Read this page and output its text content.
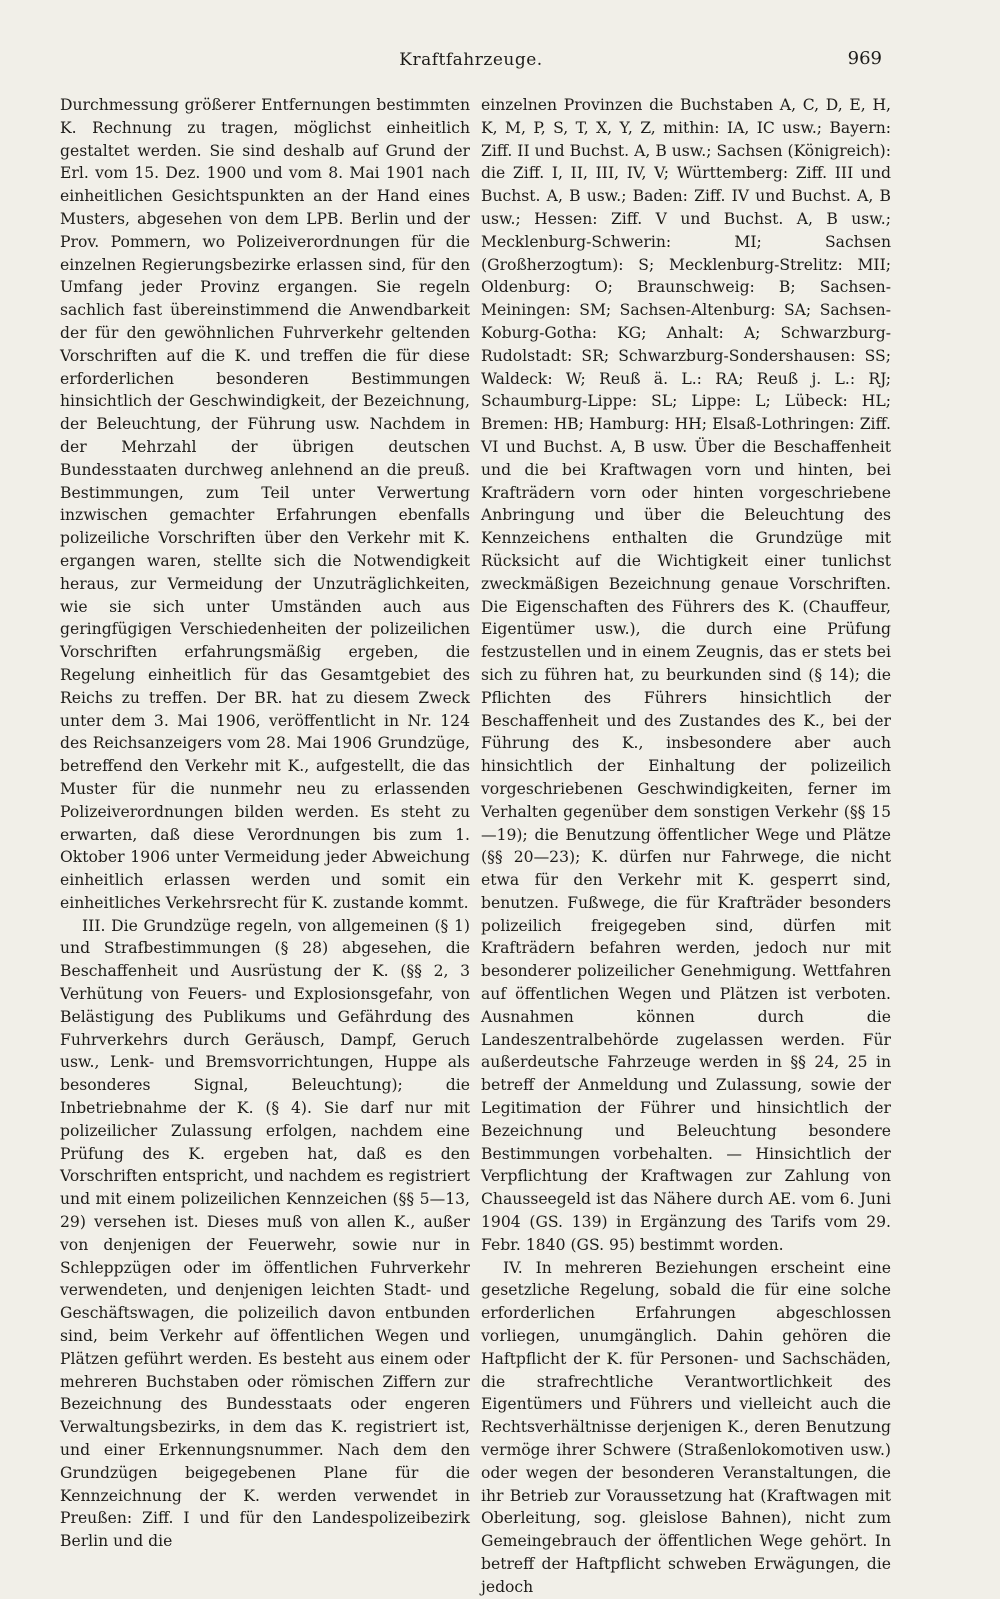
Kraftfahrzeuge.	969

Durchmessung größerer Entfernungen bestimmten K. Rechnung zu tragen, möglichst einheitlich gestaltet werden. Sie sind deshalb auf Grund der Erl. vom 15. Dez. 1900 und vom 8. Mai 1901 nach einheitlichen Gesichtspunkten an der Hand eines Musters, abgesehen von dem LPB. Berlin und der Prov. Pommern, wo Polizeiverordnungen für die einzelnen Regierungsbezirke erlassen sind, für den Umfang jeder Provinz ergangen. Sie regeln sachlich fast übereinstimmend die Anwendbarkeit der für den gewöhnlichen Fuhrverkehr geltenden Vorschriften auf die K. und treffen die für diese erforderlichen besonderen Bestimmungen hinsichtlich der Geschwindigkeit, der Bezeichnung, der Beleuchtung, der Führung usw. Nachdem in der Mehrzahl der übrigen deutschen Bundesstaaten durchweg anlehnend an die preuß. Bestimmungen, zum Teil unter Verwertung inzwischen gemachter Erfahrungen ebenfalls polizeiliche Vorschriften über den Verkehr mit K. ergangen waren, stellte sich die Notwendigkeit heraus, zur Vermeidung der Unzuträglichkeiten, wie sie sich unter Umständen auch aus geringfügigen Verschiedenheiten der polizeilichen Vorschriften erfahrungsmäßig ergeben, die Regelung einheitlich für das Gesamtgebiet des Reichs zu treffen. Der BR. hat zu diesem Zweck unter dem 3. Mai 1906, veröffentlicht in Nr. 124 des Reichsanzeigers vom 28. Mai 1906 Grundzüge, betreffend den Verkehr mit K., aufgestellt, die das Muster für die nunmehr neu zu erlassenden Polizeiverordnungen bilden werden. Es steht zu erwarten, daß diese Verordnungen bis zum 1. Oktober 1906 unter Vermeidung jeder Abweichung einheitlich erlassen werden und somit ein einheitliches Verkehrsrecht für K. zustande kommt.

III. Die Grundzüge regeln, von allgemeinen (§ 1) und Strafbestimmungen (§ 28) abgesehen, die Beschaffenheit und Ausrüstung der K. (§§ 2, 3 Verhütung von Feuers- und Explosionsgefahr, von Belästigung des Publikums und Gefährdung des Fuhrverkehrs durch Geräusch, Dampf, Geruch usw., Lenk- und Bremsvorrichtungen, Huppe als besonderes Signal, Beleuchtung); die Inbetriebnahme der K. (§ 4). Sie darf nur mit polizeilicher Zulassung erfolgen, nachdem eine Prüfung des K. ergeben hat, daß es den Vorschriften entspricht, und nachdem es registriert und mit einem polizeilichen Kennzeichen (§§ 5—13, 29) versehen ist. Dieses muß von allen K., außer von denjenigen der Feuerwehr, sowie nur in Schleppzügen oder im öffentlichen Fuhrverkehr verwendeten, und denjenigen leichten Stadt- und Geschäftswagen, die polizeilich davon entbunden sind, beim Verkehr auf öffentlichen Wegen und Plätzen geführt werden. Es besteht aus einem oder mehreren Buchstaben oder römischen Ziffern zur Bezeichnung des Bundesstaats oder engeren Verwaltungsbezirks, in dem das K. registriert ist, und einer Erkennungsnummer. Nach dem den Grundzügen beigegebenen Plane für die Kennzeichnung der K. werden verwendet in Preußen: Ziff. I und für den Landespolizeibezirk Berlin und die

einzelnen Provinzen die Buchstaben A, C, D, E, H, K, M, P, S, T, X, Y, Z, mithin: IA, IC usw.; Bayern: Ziff. II und Buchst. A, B usw.; Sachsen (Königreich): die Ziff. I, II, III, IV, V; Württemberg: Ziff. III und Buchst. A, B usw.; Baden: Ziff. IV und Buchst. A, B usw.; Hessen: Ziff. V und Buchst. A, B usw.; Mecklenburg-Schwerin: MI; Sachsen (Großherzogtum): S; Mecklenburg-Strelitz: MII; Oldenburg: O; Braunschweig: B; Sachsen-Meiningen: SM; Sachsen-Altenburg: SA; Sachsen-Koburg-Gotha: KG; Anhalt: A; Schwarzburg-Rudolstadt: SR; Schwarzburg-Sondershausen: SS; Waldeck: W; Reuß ä. L.: RA; Reuß j. L.: RJ; Schaumburg-Lippe: SL; Lippe: L; Lübeck: HL; Bremen: HB; Hamburg: HH; Elsaß-Lothringen: Ziff. VI und Buchst. A, B usw. Über die Beschaffenheit und die bei Kraftwagen vorn und hinten, bei Krafträdern vorn oder hinten vorgeschriebene Anbringung und über die Beleuchtung des Kennzeichens enthalten die Grundzüge mit Rücksicht auf die Wichtigkeit einer tunlichst zweckmäßigen Bezeichnung genaue Vorschriften. Die Eigenschaften des Führers des K. (Chauffeur, Eigentümer usw.), die durch eine Prüfung festzustellen und in einem Zeugnis, das er stets bei sich zu führen hat, zu beurkunden sind (§ 14); die Pflichten des Führers hinsichtlich der Beschaffenheit und des Zustandes des K., bei der Führung des K., insbesondere aber auch hinsichtlich der Einhaltung der polizeilich vorgeschriebenen Geschwindigkeiten, ferner im Verhalten gegenüber dem sonstigen Verkehr (§§ 15—19); die Benutzung öffentlicher Wege und Plätze (§§ 20—23); K. dürfen nur Fahrwege, die nicht etwa für den Verkehr mit K. gesperrt sind, benutzen. Fußwege, die für Krafträder besonders polizeilich freigegeben sind, dürfen mit Krafträdern befahren werden, jedoch nur mit besonderer polizeilicher Genehmigung. Wettfahren auf öffentlichen Wegen und Plätzen ist verboten. Ausnahmen können durch die Landeszentralbehörde zugelassen werden. Für außerdeutsche Fahrzeuge werden in §§ 24, 25 in betreff der Anmeldung und Zulassung, sowie der Legitimation der Führer und hinsichtlich der Bezeichnung und Beleuchtung besondere Bestimmungen vorbehalten. — Hinsichtlich der Verpflichtung der Kraftwagen zur Zahlung von Chausseegeld ist das Nähere durch AE. vom 6. Juni 1904 (GS. 139) in Ergänzung des Tarifs vom 29. Febr. 1840 (GS. 95) bestimmt worden.

IV. In mehreren Beziehungen erscheint eine gesetzliche Regelung, sobald die für eine solche erforderlichen Erfahrungen abgeschlossen vorliegen, unumgänglich. Dahin gehören die Haftpflicht der K. für Personen- und Sachschäden, die strafrechtliche Verantwortlichkeit des Eigentümers und Führers und vielleicht auch die Rechtsverhältnisse derjenigen K., deren Benutzung vermöge ihrer Schwere (Straßenlokomotiven usw.) oder wegen der besonderen Veranstaltungen, die ihr Betrieb zur Voraussetzung hat (Kraftwagen mit Oberleitung, sog. gleislose Bahnen), nicht zum Gemeingebrauch der öffentlichen Wege gehört. In betreff der Haftpflicht schweben Erwägungen, die jedoch
